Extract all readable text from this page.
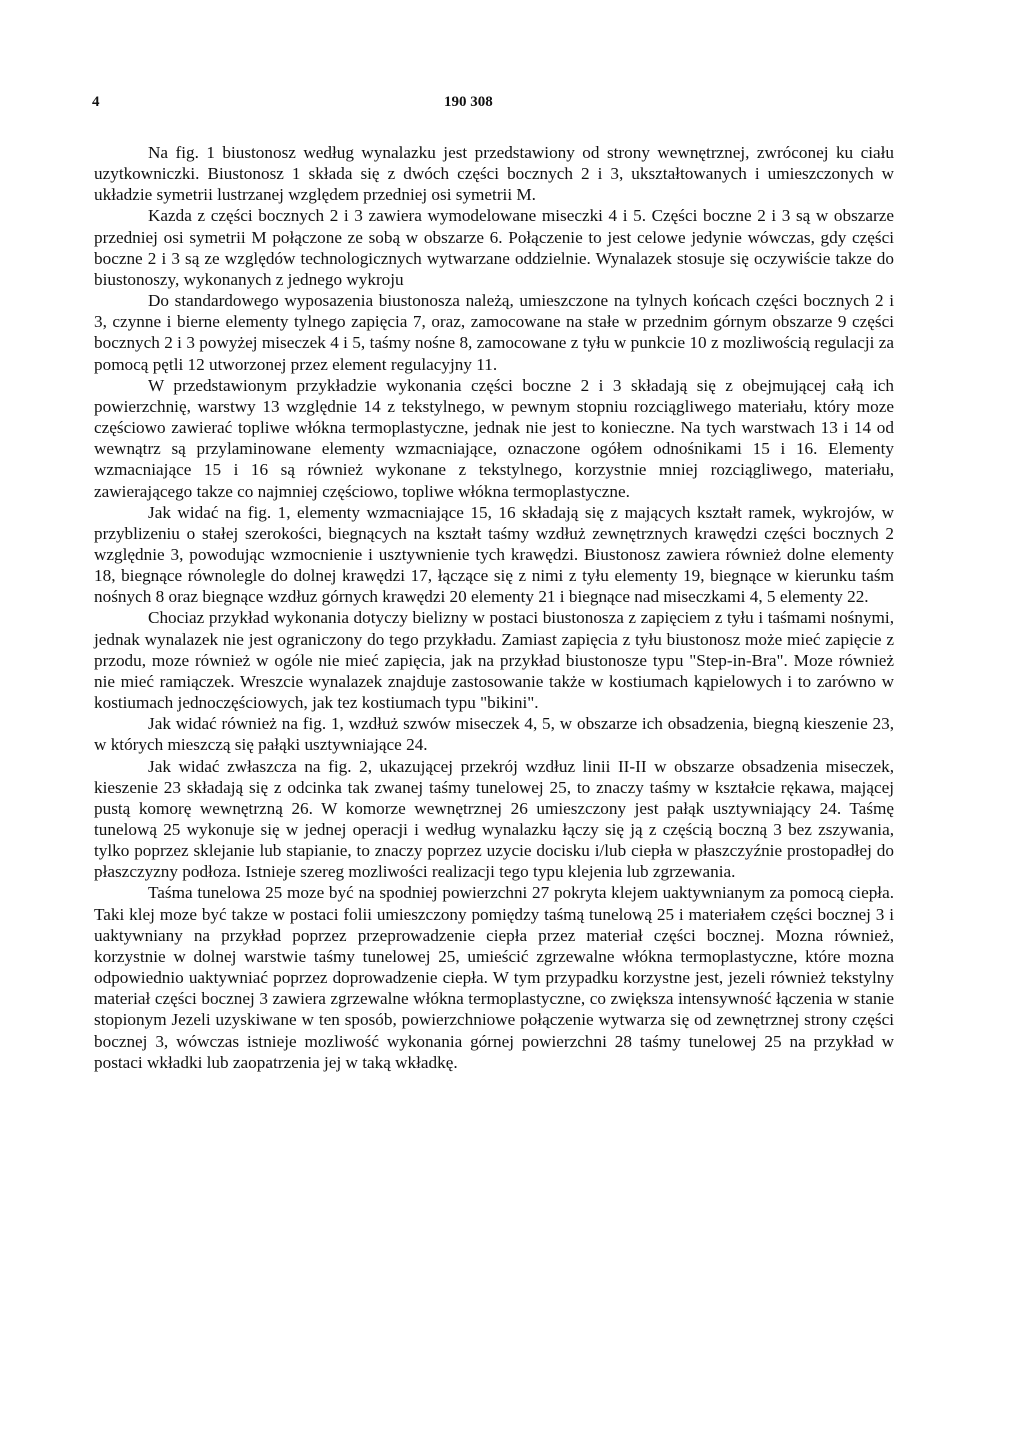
4	190 308

Na fig. 1 biustonosz według wynalazku jest przedstawiony od strony wewnętrznej, zwróconej ku ciału uzytkowniczki. Biustonosz 1 składa się z dwóch części bocznych 2 i 3, ukształtowanych i umieszczonych w układzie symetrii lustrzanej względem przedniej osi symetrii M.

Kazda z części bocznych 2 i 3 zawiera wymodelowane miseczki 4 i 5. Części boczne 2 i 3 są w obszarze przedniej osi symetrii M połączone ze sobą w obszarze 6. Połączenie to jest celowe jedynie wówczas, gdy części boczne 2 i 3 są ze względów technologicznych wytwarzane oddzielnie. Wynalazek stosuje się oczywiście takze do biustonoszy, wykonanych z jednego wykroju

Do standardowego wyposazenia biustonosza należą, umieszczone na tylnych końcach części bocznych 2 i 3, czynne i bierne elementy tylnego zapięcia 7, oraz, zamocowane na stałe w przednim górnym obszarze 9 części bocznych 2 i 3 powyżej miseczek 4 i 5, taśmy nośne 8, zamocowane z tyłu w punkcie 10 z mozliwością regulacji za pomocą pętli 12 utworzonej przez element regulacyjny 11.

W przedstawionym przykładzie wykonania części boczne 2 i 3 składają się z obejmującej całą ich powierzchnię, warstwy 13 względnie 14 z tekstylnego, w pewnym stopniu rozciągliwego materiału, który moze częściowo zawierać topliwe włókna termoplastyczne, jednak nie jest to konieczne. Na tych warstwach 13 i 14 od wewnątrz są przylaminowane elementy wzmacniające, oznaczone ogółem odnośnikami 15 i 16. Elementy wzmacniające 15 i 16 są również wykonane z tekstylnego, korzystnie mniej rozciągliwego, materiału, zawierającego takze co najmniej częściowo, topliwe włókna termoplastyczne.

Jak widać na fig. 1, elementy wzmacniające 15, 16 składają się z mających kształt ramek, wykrojów, w przyblizeniu o stałej szerokości, biegnących na kształt taśmy wzdłuż zewnętrznych krawędzi części bocznych 2 względnie 3, powodując wzmocnienie i usztywnienie tych krawędzi. Biustonosz zawiera również dolne elementy 18, biegnące równolegle do dolnej krawędzi 17, łączące się z nimi z tyłu elementy 19, biegnące w kierunku taśm nośnych 8 oraz biegnące wzdłuz górnych krawędzi 20 elementy 21 i biegnące nad miseczkami 4, 5 elementy 22.

Chociaz przykład wykonania dotyczy bielizny w postaci biustonosza z zapięciem z tyłu i taśmami nośnymi, jednak wynalazek nie jest ograniczony do tego przykładu. Zamiast zapięcia z tyłu biustonosz może mieć zapięcie z przodu, moze również w ogóle nie mieć zapięcia, jak na przykład biustonosze typu "Step-in-Bra". Moze również nie mieć ramiączek. Wreszcie wynalazek znajduje zastosowanie także w kostiumach kąpielowych i to zarówno w kostiumach jednoczęściowych, jak tez kostiumach typu "bikini".

Jak widać również na fig. 1, wzdłuż szwów miseczek 4, 5, w obszarze ich obsadzenia, biegną kieszenie 23, w których mieszczą się pałąki usztywniające 24.

Jak widać zwłaszcza na fig. 2, ukazującej przekrój wzdłuz linii II-II w obszarze obsadzenia miseczek, kieszenie 23 składają się z odcinka tak zwanej taśmy tunelowej 25, to znaczy taśmy w kształcie rękawa, mającej pustą komorę wewnętrzną 26. W komorze wewnętrznej 26 umieszczony jest pałąk usztywniający 24. Taśmę tunelową 25 wykonuje się w jednej operacji i według wynalazku łączy się ją z częścią boczną 3 bez zszywania, tylko poprzez sklejanie lub stapianie, to znaczy poprzez uzycie docisku i/lub ciepła w płaszczyźnie prostopadłej do płaszczyzny podłoza. Istnieje szereg mozliwości realizacji tego typu klejenia lub zgrzewania.

Taśma tunelowa 25 moze być na spodniej powierzchni 27 pokryta klejem uaktywnianym za pomocą ciepła. Taki klej moze być takze w postaci folii umieszczony pomiędzy taśmą tunelową 25 i materiałem części bocznej 3 i uaktywniany na przykład poprzez przeprowadzenie ciepła przez materiał części bocznej. Mozna również, korzystnie w dolnej warstwie taśmy tunelowej 25, umieścić zgrzewalne włókna termoplastyczne, które mozna odpowiednio uaktywniać poprzez doprowadzenie ciepła. W tym przypadku korzystne jest, jezeli również tekstylny materiał części bocznej 3 zawiera zgrzewalne włókna termoplastyczne, co zwiększa intensywność łączenia w stanie stopionym Jezeli uzyskiwane w ten sposób, powierzchniowe połączenie wytwarza się od zewnętrznej strony części bocznej 3, wówczas istnieje mozliwość wykonania górnej powierzchni 28 taśmy tunelowej 25 na przykład w postaci wkładki lub zaopatrzenia jej w taką wkładkę.
